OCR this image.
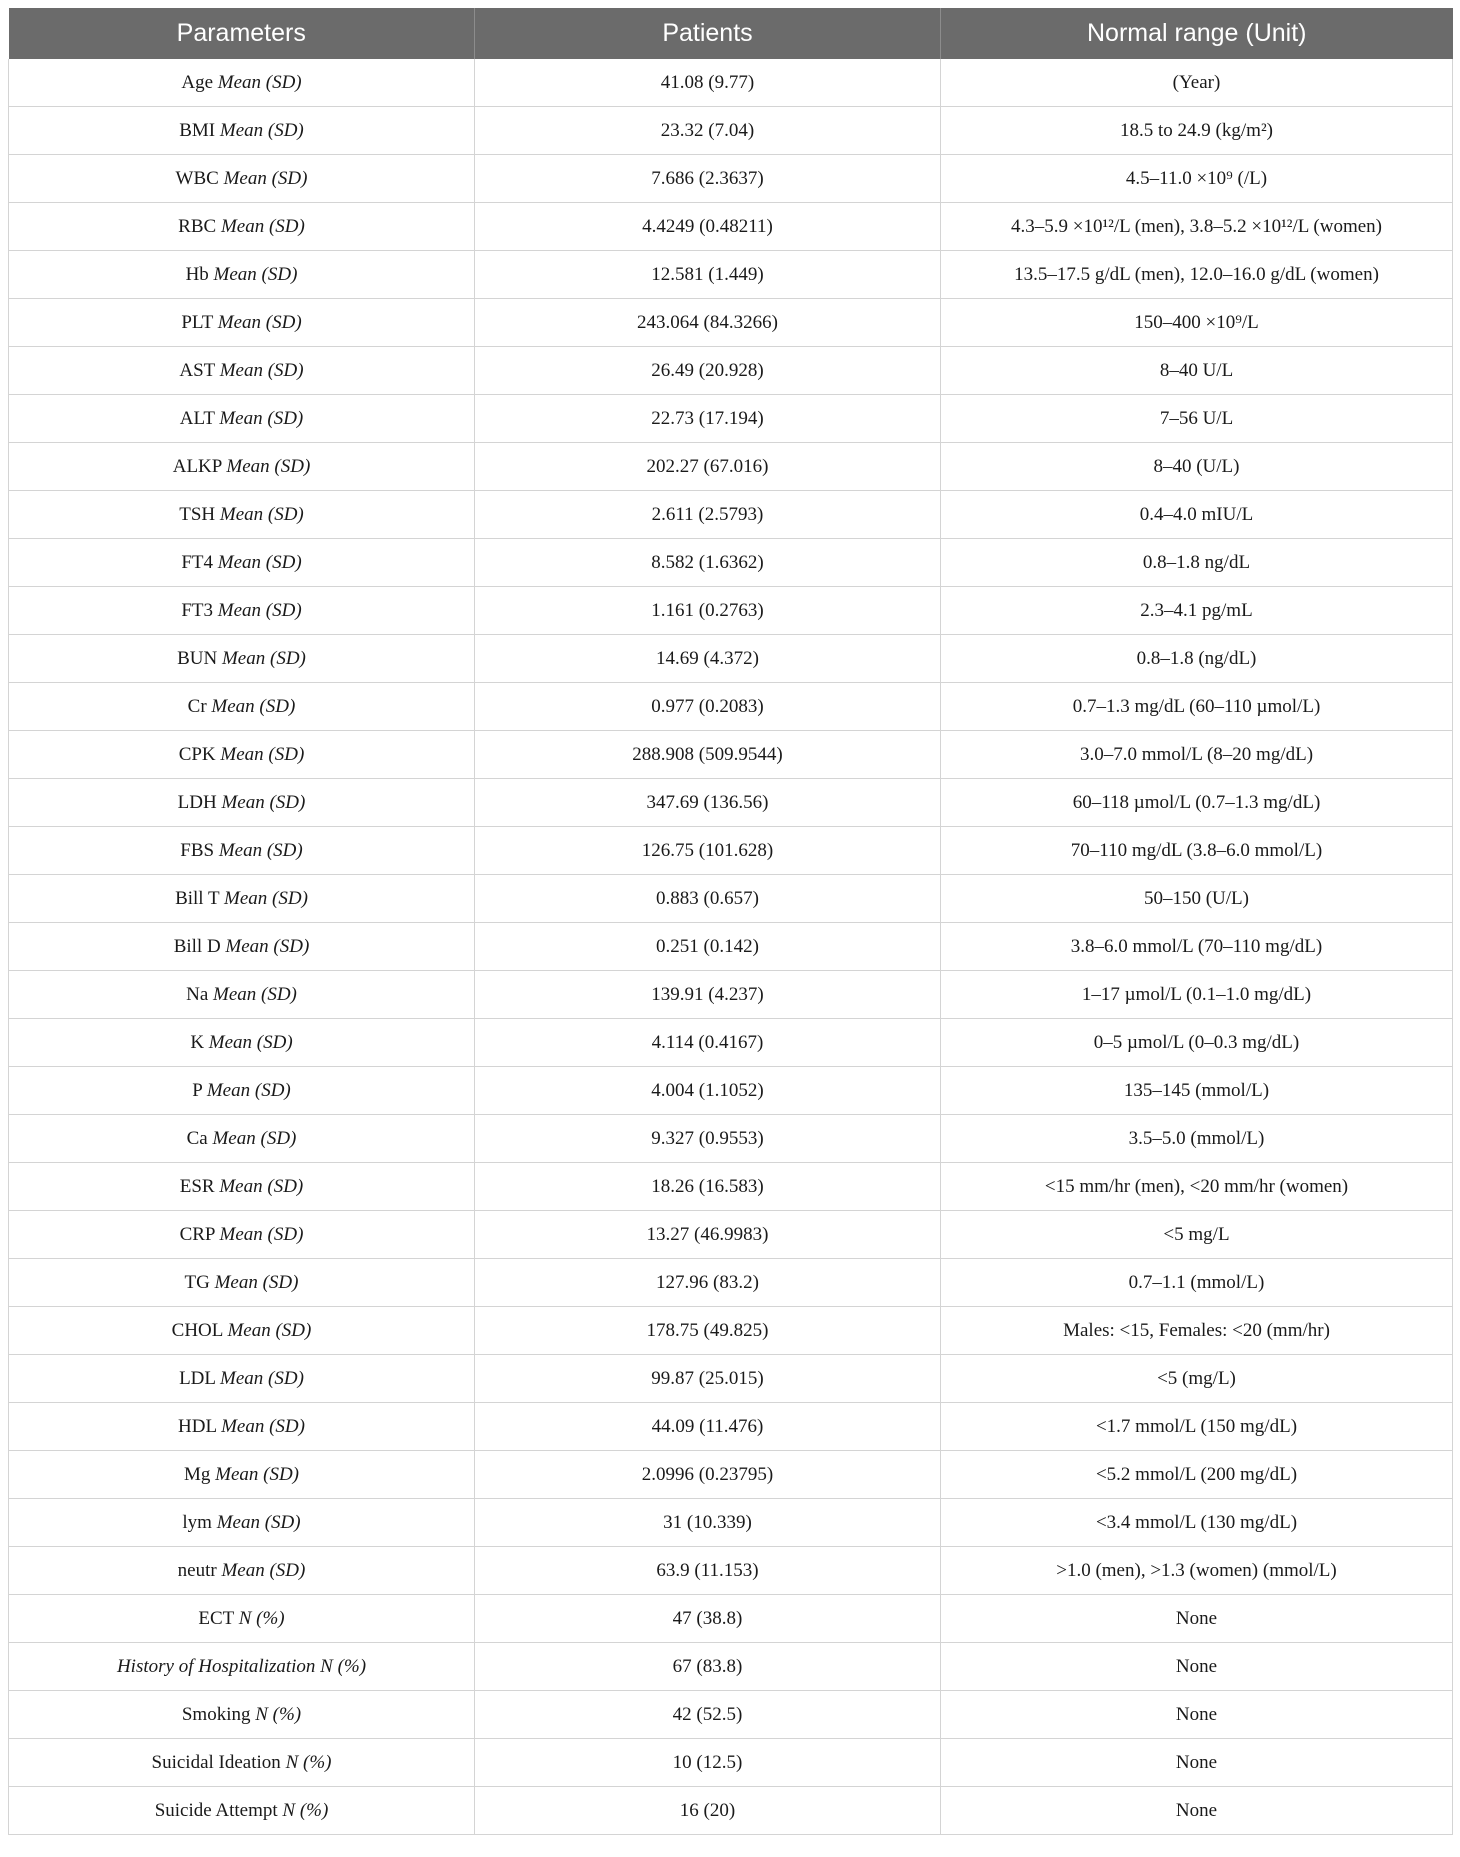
Parameters	Patients	Normal range (Unit)
Age Mean (SD)	41.08 (9.77)	(Year)
BMI Mean (SD)	23.32 (7.04)	18.5 to 24.9 (kg/m²)
WBC Mean (SD)	7.686 (2.3637)	4.5–11.0 ×10⁹ (/L)
RBC Mean (SD)	4.4249 (0.48211)	4.3–5.9 ×10¹²/L (men), 3.8–5.2 ×10¹²/L (women)
Hb Mean (SD)	12.581 (1.449)	13.5–17.5 g/dL (men), 12.0–16.0 g/dL (women)
PLT Mean (SD)	243.064 (84.3266)	150–400 ×10⁹/L
AST Mean (SD)	26.49 (20.928)	8–40 U/L
ALT Mean (SD)	22.73 (17.194)	7–56 U/L
ALKP Mean (SD)	202.27 (67.016)	8–40 (U/L)
TSH Mean (SD)	2.611 (2.5793)	0.4–4.0 mIU/L
FT4 Mean (SD)	8.582 (1.6362)	0.8–1.8 ng/dL
FT3 Mean (SD)	1.161 (0.2763)	2.3–4.1 pg/mL
BUN Mean (SD)	14.69 (4.372)	0.8–1.8 (ng/dL)
Cr Mean (SD)	0.977 (0.2083)	0.7–1.3 mg/dL (60–110 µmol/L)
CPK Mean (SD)	288.908 (509.9544)	3.0–7.0 mmol/L (8–20 mg/dL)
LDH Mean (SD)	347.69 (136.56)	60–118 µmol/L (0.7–1.3 mg/dL)
FBS Mean (SD)	126.75 (101.628)	70–110 mg/dL (3.8–6.0 mmol/L)
Bill T Mean (SD)	0.883 (0.657)	50–150 (U/L)
Bill D Mean (SD)	0.251 (0.142)	3.8–6.0 mmol/L (70–110 mg/dL)
Na Mean (SD)	139.91 (4.237)	1–17 µmol/L (0.1–1.0 mg/dL)
K Mean (SD)	4.114 (0.4167)	0–5 µmol/L (0–0.3 mg/dL)
P Mean (SD)	4.004 (1.1052)	135–145 (mmol/L)
Ca Mean (SD)	9.327 (0.9553)	3.5–5.0 (mmol/L)
ESR Mean (SD)	18.26 (16.583)	<15 mm/hr (men), <20 mm/hr (women)
CRP Mean (SD)	13.27 (46.9983)	<5 mg/L
TG Mean (SD)	127.96 (83.2)	0.7–1.1 (mmol/L)
CHOL Mean (SD)	178.75 (49.825)	Males: <15, Females: <20 (mm/hr)
LDL Mean (SD)	99.87 (25.015)	<5 (mg/L)
HDL Mean (SD)	44.09 (11.476)	<1.7 mmol/L (150 mg/dL)
Mg Mean (SD)	2.0996 (0.23795)	<5.2 mmol/L (200 mg/dL)
lym Mean (SD)	31 (10.339)	<3.4 mmol/L (130 mg/dL)
neutr Mean (SD)	63.9 (11.153)	>1.0 (men), >1.3 (women) (mmol/L)
ECT N (%)	47 (38.8)	None
History of Hospitalization N (%)	67 (83.8)	None
Smoking N (%)	42 (52.5)	None
Suicidal Ideation N (%)	10 (12.5)	None
Suicide Attempt N (%)	16 (20)	None
